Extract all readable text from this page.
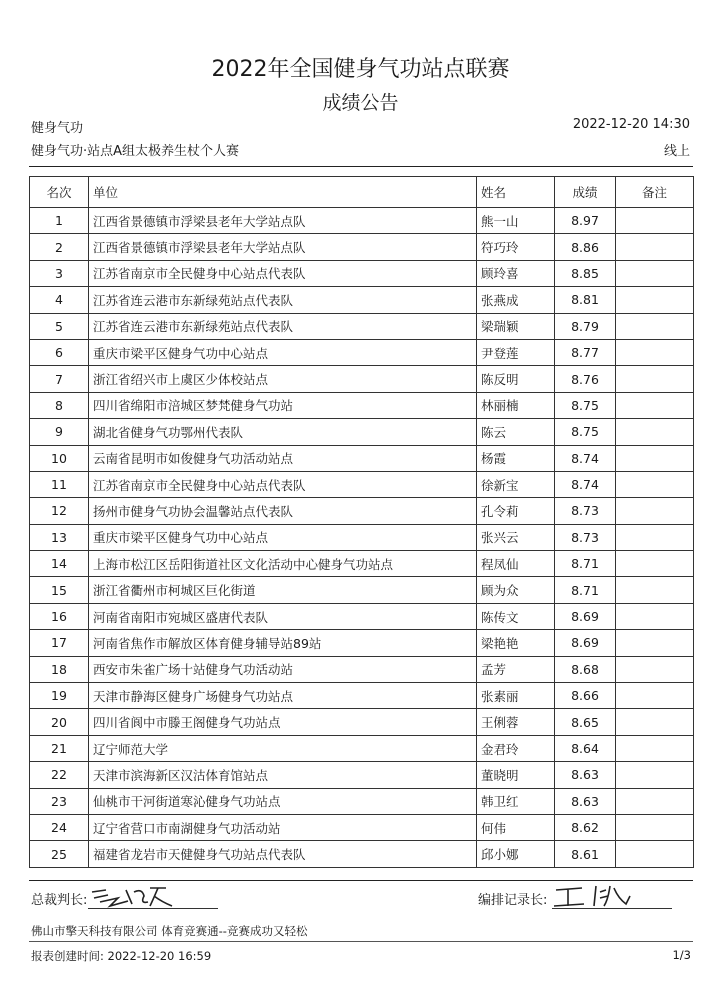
2022年全国健身气功站点联赛
成绩公告
健身气功	2022-12-20 14:30
健身气功·站点A组太极养生杖个人赛	线上
名次	单位	姓名	成绩	备注
1	江西省景德镇市浮梁县老年大学站点队	熊一山	8.97	
2	江西省景德镇市浮梁县老年大学站点队	符巧玲	8.86	
3	江苏省南京市全民健身中心站点代表队	顾玲喜	8.85	
4	江苏省连云港市东新绿苑站点代表队	张燕成	8.81	
5	江苏省连云港市东新绿苑站点代表队	梁瑞颖	8.79	
6	重庆市梁平区健身气功中心站点	尹登莲	8.77	
7	浙江省绍兴市上虞区少体校站点	陈反明	8.76	
8	四川省绵阳市涪城区梦梵健身气功站	林丽楠	8.75	
9	湖北省健身气功鄂州代表队	陈云	8.75	
10	云南省昆明市如俊健身气功活动站点	杨霞	8.74	
11	江苏省南京市全民健身中心站点代表队	徐新宝	8.74	
12	扬州市健身气功协会温馨站点代表队	孔令莉	8.73	
13	重庆市梁平区健身气功中心站点	张兴云	8.73	
14	上海市松江区岳阳街道社区文化活动中心健身气功站点	程凤仙	8.71	
15	浙江省衢州市柯城区巨化街道	顾为众	8.71	
16	河南省南阳市宛城区盛唐代表队	陈传文	8.69	
17	河南省焦作市解放区体育健身辅导站89站	梁艳艳	8.69	
18	西安市朱雀广场十站健身气功活动站	孟芳	8.68	
19	天津市静海区健身广场健身气功站点	张素丽	8.66	
20	四川省阆中市滕王阁健身气功站点	王俐蓉	8.65	
21	辽宁师范大学	金君玲	8.64	
22	天津市滨海新区汉沽体育馆站点	董晓明	8.63	
23	仙桃市干河街道寒沁健身气功站点	韩卫红	8.63	
24	辽宁省营口市南湖健身气功活动站	何伟	8.62	
25	福建省龙岩市天健健身气功站点代表队	邱小娜	8.61	
总裁判长:	编排记录长:
佛山市擎天科技有限公司 体育竞赛通--竞赛成功又轻松
报表创建时间: 2022-12-20 16:59	1/3
